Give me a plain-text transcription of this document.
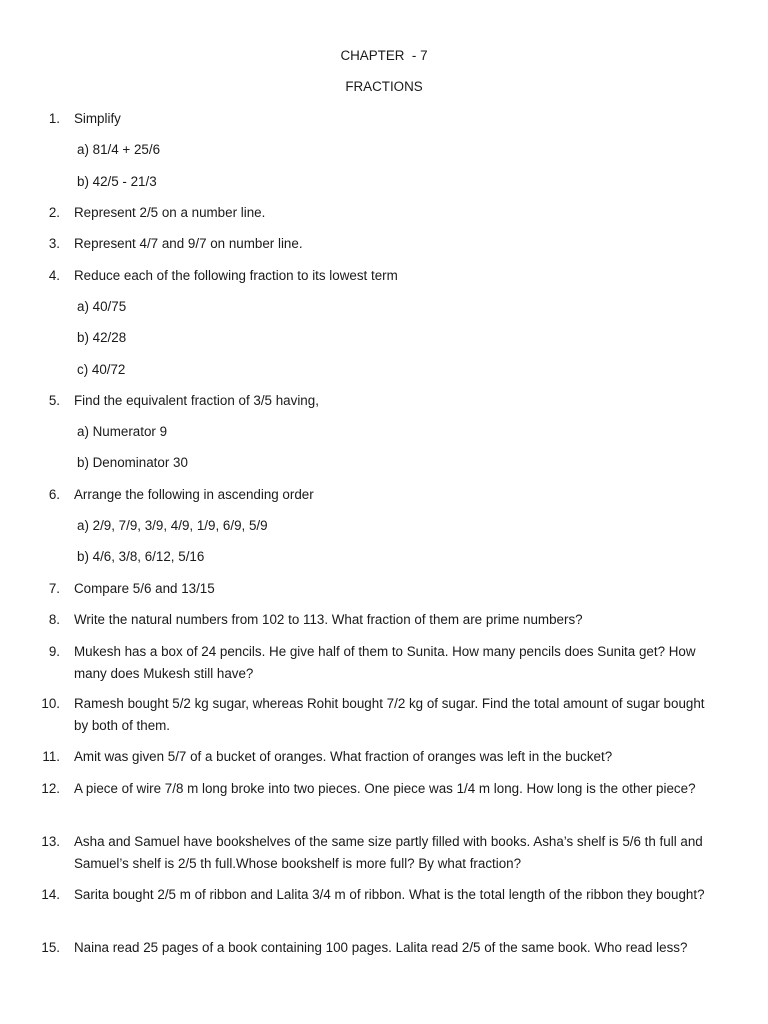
CHAPTER  - 7
FRACTIONS
1. Simplify
a) 81/4 + 25/6
b) 42/5 - 21/3
2. Represent 2/5 on a number line.
3. Represent 4/7 and 9/7 on number line.
4. Reduce each of the following fraction to its lowest term
a) 40/75
b) 42/28
c) 40/72
5. Find the equivalent fraction of 3/5 having,
a) Numerator 9
b) Denominator 30
6. Arrange the following in ascending order
a) 2/9, 7/9, 3/9, 4/9, 1/9, 6/9, 5/9
b) 4/6, 3/8, 6/12, 5/16
7. Compare 5/6 and 13/15
8. Write the natural numbers from 102 to 113. What fraction of them are prime numbers?
9. Mukesh has a box of 24 pencils. He give half of them to Sunita. How many pencils does Sunita get? How many does Mukesh still have?
10. Ramesh bought 5/2 kg sugar, whereas Rohit bought 7/2 kg of sugar. Find the total amount of sugar bought by both of them.
11. Amit was given 5/7 of a bucket of oranges. What fraction of oranges was left in the bucket?
12. A piece of wire 7/8 m long broke into two pieces. One piece was 1/4 m long. How long is the other piece?
13. Asha and Samuel have bookshelves of the same size partly filled with books. Asha’s shelf is 5/6 th full and Samuel’s shelf is 2/5 th full.Whose bookshelf is more full? By what fraction?
14. Sarita bought 2/5 m of ribbon and Lalita 3/4 m of ribbon. What is the total length of the ribbon they bought?
15. Naina read 25 pages of a book containing 100 pages. Lalita read 2/5 of the same book. Who read less?
